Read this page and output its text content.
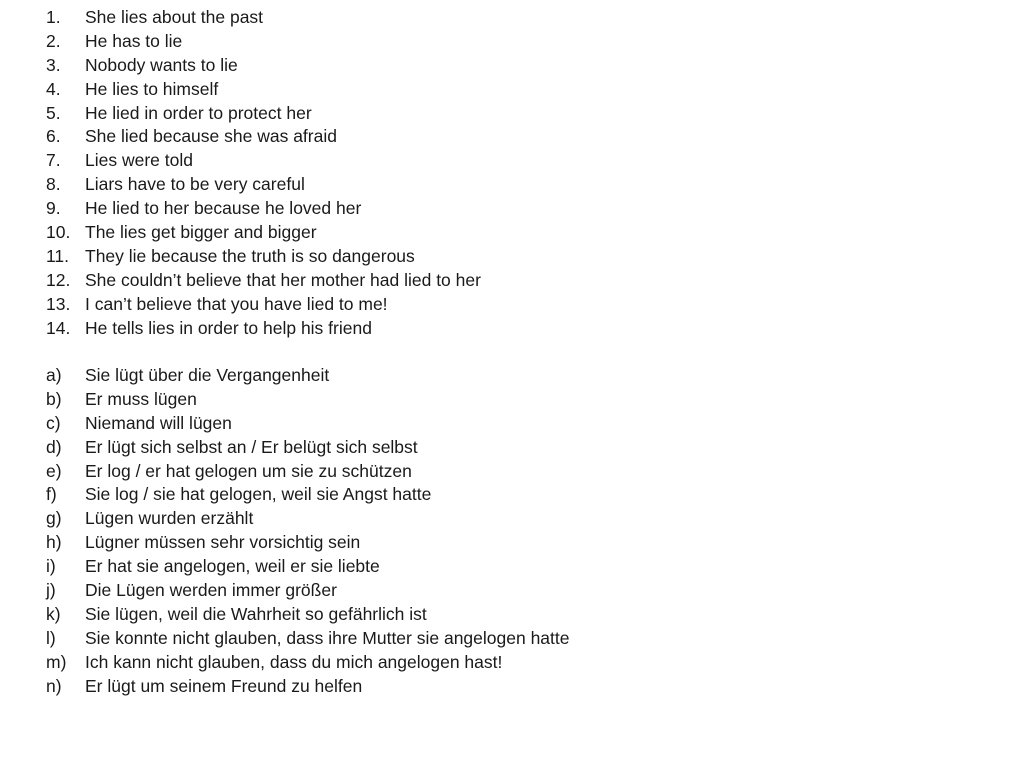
1.	She lies about the past
2.	He has to lie
3.	Nobody wants to lie
4.	He lies to himself
5.	He lied in order to protect her
6.	She lied because she was afraid
7.	Lies were told
8.	Liars have to be very careful
9.	He lied to her because he loved her
10. The lies get bigger and bigger
11. They lie because the truth is so dangerous
12. She couldn’t believe that her mother had lied to her
13. I can’t believe that you have lied to me!
14. He tells lies in order to help his friend
a)	Sie lügt über die Vergangenheit
b)	Er muss lügen
c)	Niemand will lügen
d)	Er lügt sich selbst an / Er belügt sich selbst
e)	Er log / er hat gelogen um sie zu schützen
f)	Sie log / sie hat gelogen, weil sie Angst hatte
g)	Lügen wurden erzählt
h)	Lügner müssen sehr vorsichtig sein
i)	Er hat sie angelogen, weil er sie liebte
j)	Die Lügen werden immer größer
k)	Sie lügen, weil die Wahrheit so gefährlich ist
l)	Sie konnte nicht glauben, dass ihre Mutter sie angelogen hatte
m)	Ich kann nicht glauben, dass du mich angelogen hast!
n)	Er lügt um seinem Freund zu helfen
